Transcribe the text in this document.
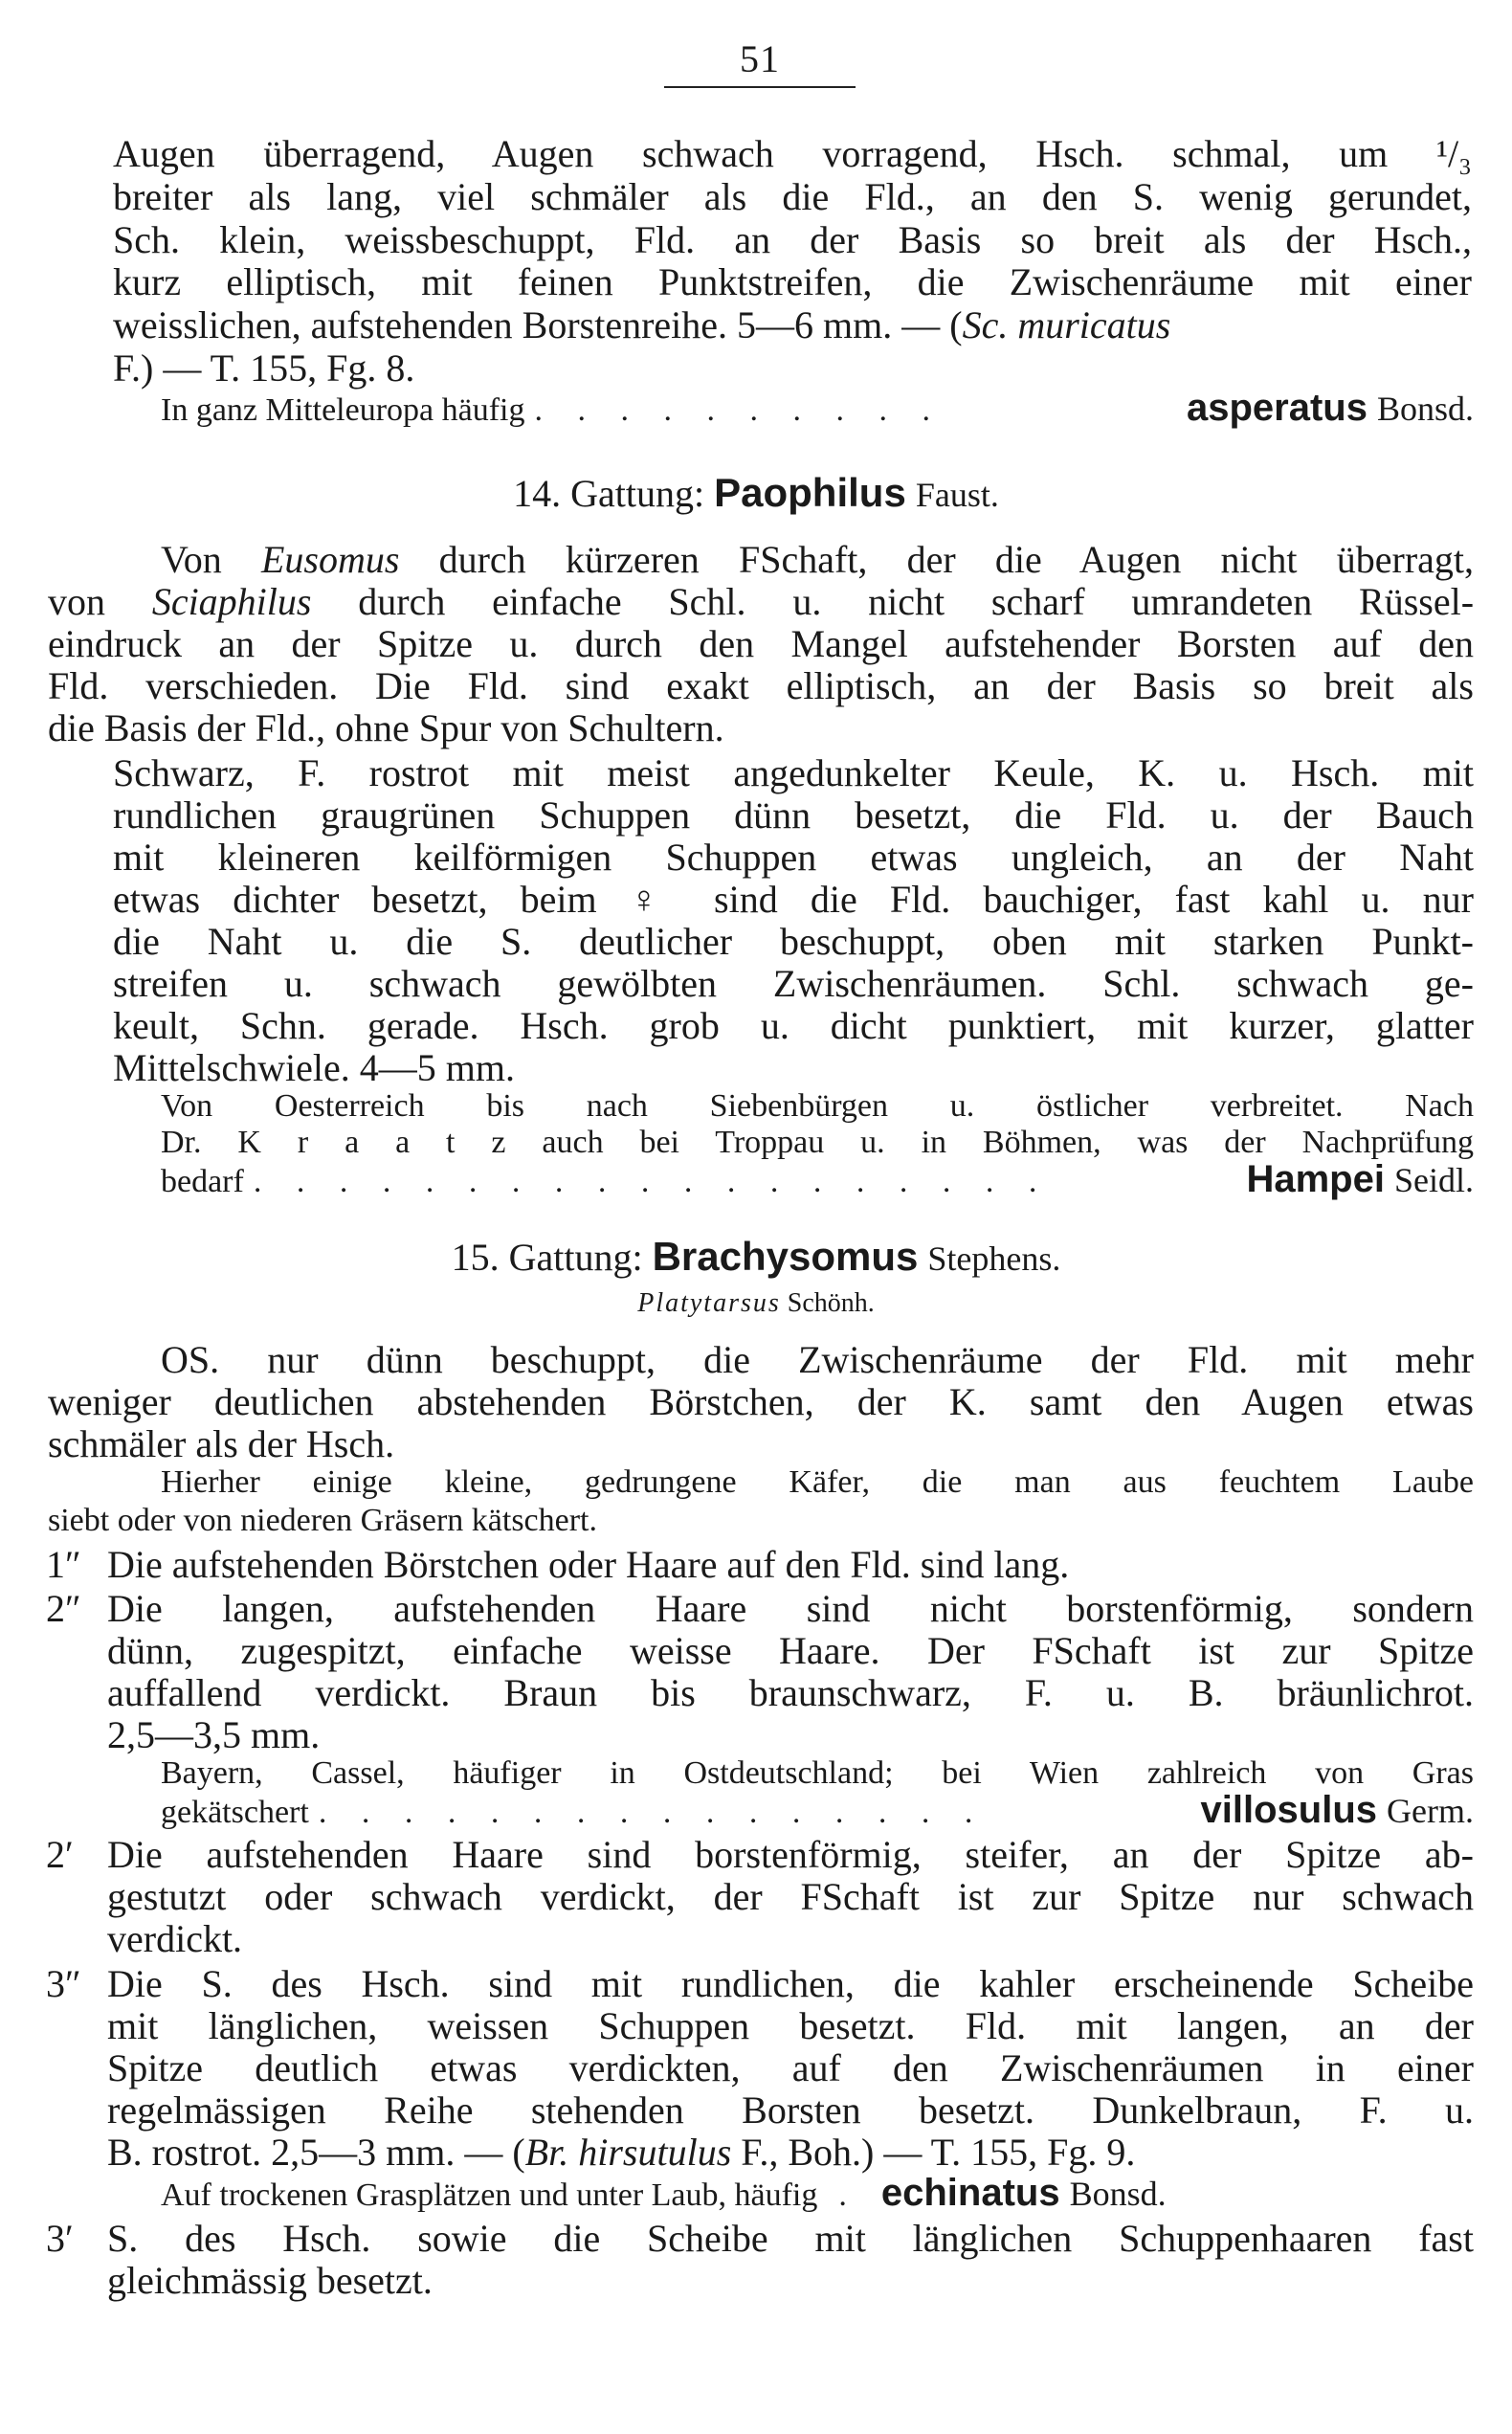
51
Augen überragend, Augen schwach vorragend, Hsch. schmal, um ¹/₃
breiter als lang, viel schmäler als die Fld., an den S. wenig gerundet,
Sch. klein, weissbeschuppt, Fld. an der Basis so breit als der Hsch.,
kurz elliptisch, mit feinen Punktstreifen, die Zwischenräume mit einer
weisslichen, aufstehenden Borstenreihe. 5—6 mm. — (Sc. muricatus
F.) — T. 155, Fg. 8.
In ganz Mitteleuropa häufig . . . . . . . . . .	asperatus Bonsd.
14. Gattung: Paophilus Faust.
Von Eusomus durch kürzeren FSchaft, der die Augen nicht überragt,
von Sciaphilus durch einfache Schl. u. nicht scharf umrandeten Rüssel-
eindruck an der Spitze u. durch den Mangel aufstehender Borsten auf den
Fld. verschieden. Die Fld. sind exakt elliptisch, an der Basis so breit als
die Basis der Fld., ohne Spur von Schultern.
Schwarz, F. rostrot mit meist angedunkelter Keule, K. u. Hsch. mit
rundlichen graugrünen Schuppen dünn besetzt, die Fld. u. der Bauch
mit kleineren keilförmigen Schuppen etwas ungleich, an der Naht
etwas dichter besetzt, beim ♀ sind die Fld. bauchiger, fast kahl u. nur
die Naht u. die S. deutlicher beschuppt, oben mit starken Punkt-
streifen u. schwach gewölbten Zwischenräumen. Schl. schwach ge-
keult, Schn. gerade. Hsch. grob u. dicht punktiert, mit kurzer, glatter
Mittelschwiele. 4—5 mm.
Von Oesterreich bis nach Siebenbürgen u. östlicher verbreitet. Nach
Dr. K r a a t z auch bei Troppau u. in Böhmen, was der Nachprüfung
bedarf . . . . . . . . . . . . . . . . . . .	Hampei Seidl.
15. Gattung: Brachysomus Stephens.
Platytarsus Schönh.
OS. nur dünn beschuppt, die Zwischenräume der Fld. mit mehr
weniger deutlichen abstehenden Börstchen, der K. samt den Augen etwas
schmäler als der Hsch.
Hierher einige kleine, gedrungene Käfer, die man aus feuchtem Laube
siebt oder von niederen Gräsern kätschert.
1″ Die aufstehenden Börstchen oder Haare auf den Fld. sind lang.
2″ Die langen, aufstehenden Haare sind nicht borstenförmig, sondern
dünn, zugespitzt, einfache weisse Haare. Der FSchaft ist zur Spitze
auffallend verdickt. Braun bis braunschwarz, F. u. B. bräunlichrot.
2,5—3,5 mm.
Bayern, Cassel, häufiger in Ostdeutschland; bei Wien zahlreich von Gras
gekätschert . . . . . . . . . . . . . . . .	villosulus Germ.
2′ Die aufstehenden Haare sind borstenförmig, steifer, an der Spitze ab-
gestutzt oder schwach verdickt, der FSchaft ist zur Spitze nur schwach
verdickt.
3″ Die S. des Hsch. sind mit rundlichen, die kahler erscheinende Scheibe
mit länglichen, weissen Schuppen besetzt. Fld. mit langen, an der
Spitze deutlich etwas verdickten, auf den Zwischenräumen in einer
regelmässigen Reihe stehenden Borsten besetzt. Dunkelbraun, F. u.
B. rostrot. 2,5—3 mm. — (Br. hirsutulus F., Boh.) — T. 155, Fg. 9.
Auf trockenen Grasplätzen und unter Laub, häufig . echinatus Bonsd.
3′ S. des Hsch. sowie die Scheibe mit länglichen Schuppenhaaren fast
gleichmässig besetzt.
